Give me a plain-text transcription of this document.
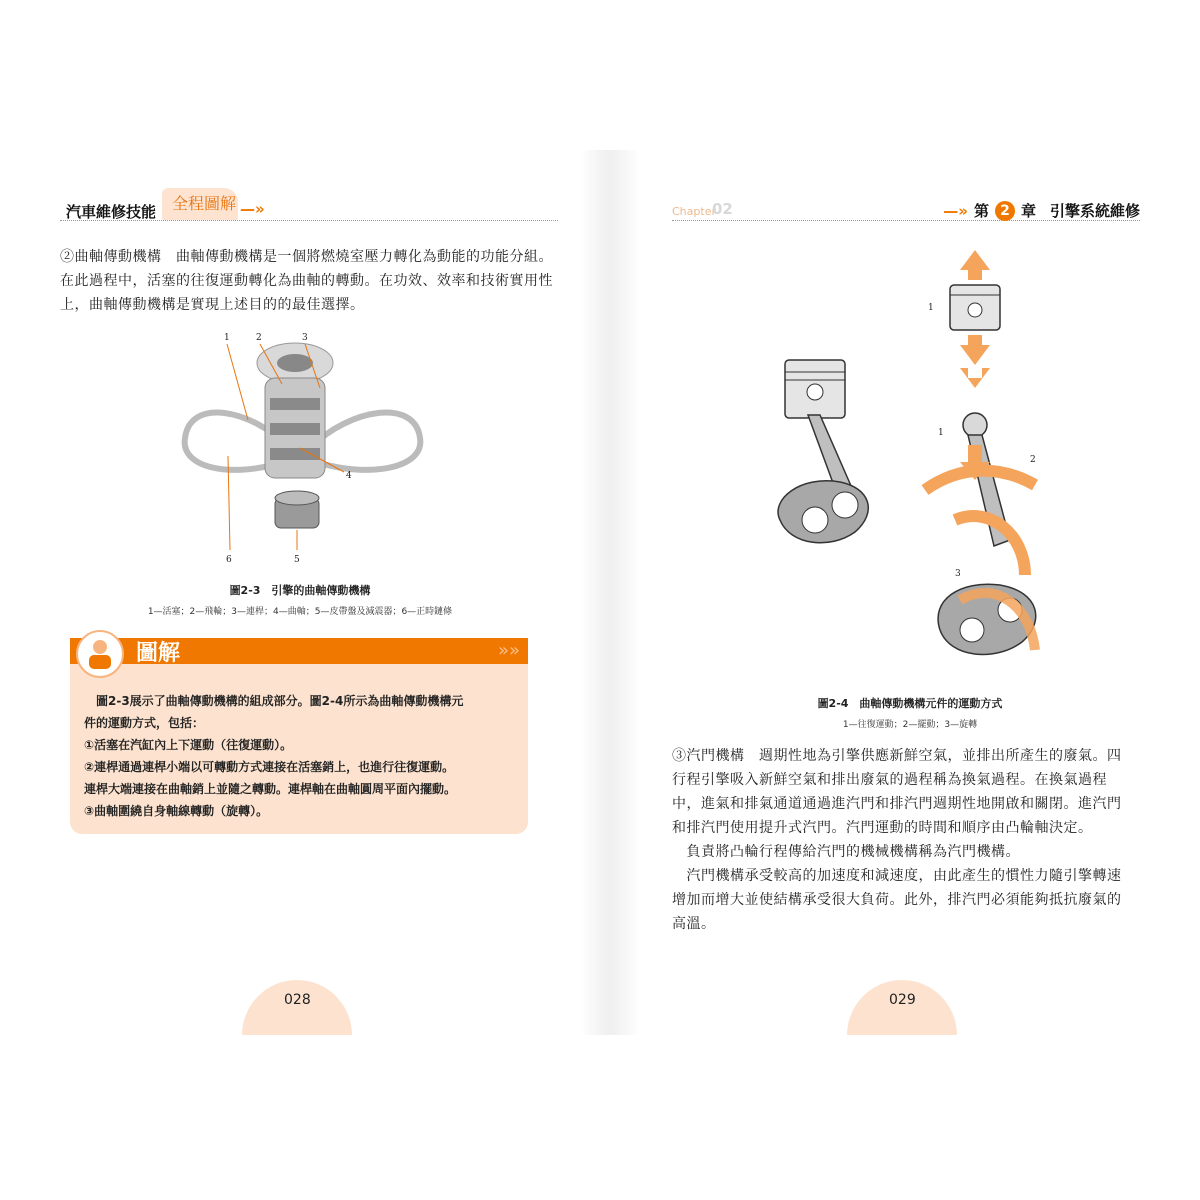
汽車維修技能 全程圖解 —»
②曲軸傳動機構　曲軸傳動機構是一個將燃燒室壓力轉化為動能的功能分組。在此過程中，活塞的往復運動轉化為曲軸的轉動。在功效、效率和技術實用性上，曲軸傳動機構是實現上述目的的最佳選擇。
1	2	3
4
5
6
圖2-3　引擎的曲軸傳動機構
1—活塞；2—飛輪；3—連桿；4—曲軸；5—皮帶盤及減震器；6—正時鏈條
»»
圖解
　圖2-3展示了曲軸傳動機構的組成部分。圖2-4所示為曲軸傳動機構元
件的運動方式，包括：
①活塞在汽缸內上下運動（往復運動）。
②連桿通過連桿小端以可轉動方式連接在活塞銷上，也進行往復運動。
連桿大端連接在曲軸銷上並隨之轉動。連桿軸在曲軸圓周平面內擺動。
③曲軸圍繞自身軸線轉動（旋轉）。
028
Chapter
02	—» 第 2 章 引擎系統維修
1
1
2
3
圖2-4　曲軸傳動機構元件的運動方式
1—往復運動；2—擺動；3—旋轉
③汽門機構　週期性地為引擎供應新鮮空氣，並排出所產生的廢氣。四行程引擎吸入新鮮空氣和排出廢氣的過程稱為換氣過程。在換氣過程中，進氣和排氣通道通過進汽門和排汽門週期性地開啟和關閉。進汽門和排汽門使用提升式汽門。汽門運動的時間和順序由凸輪軸決定。
　負責將凸輪行程傳給汽門的機械機構稱為汽門機構。
　汽門機構承受較高的加速度和減速度，由此產生的慣性力隨引擎轉速增加而增大並使結構承受很大負荷。此外，排汽門必須能夠抵抗廢氣的高溫。
029
